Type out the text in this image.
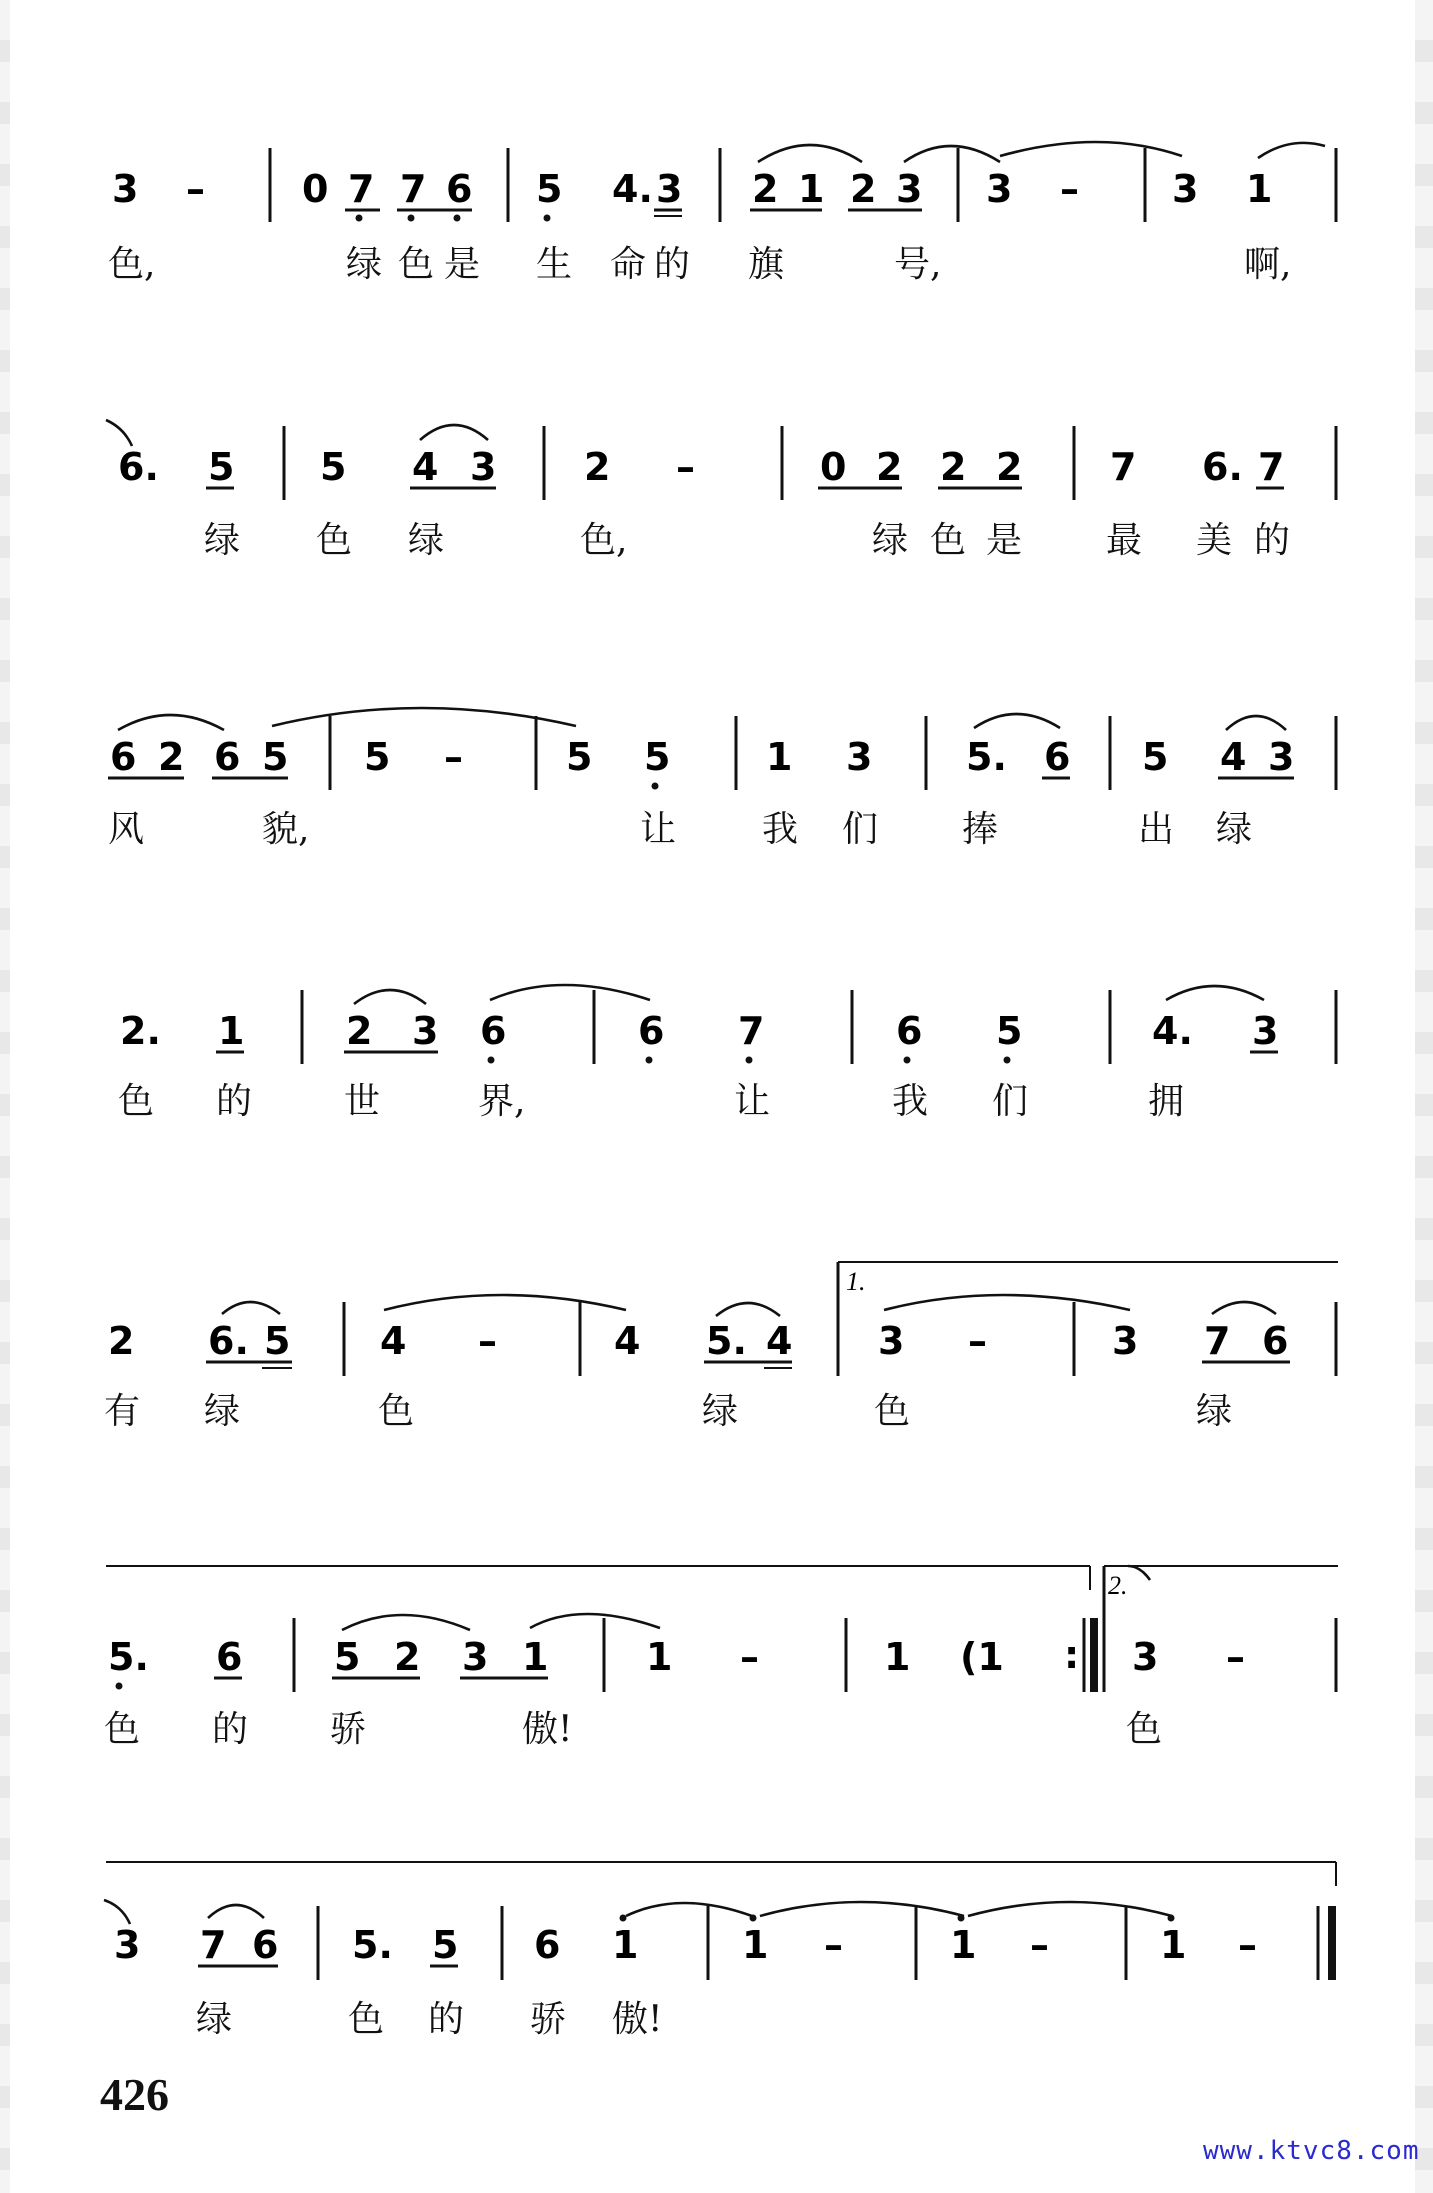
3 –	0 7 7 6 5 4. 3 2 1 2 3 3 – 3 1
6. 5 5 4 3 2 –	0 2 2 2 7 6. 7
6 2 6 5 5 –	5 5	1 3 5. 6 5 4 3
2. 1	2 3 6	6 7	6 5	4. 3
2 6. 5 4 –	4 5. 4
1.
3 –	3 7 6
5. 6 5 2 3 1	1 –	1 (1 :
2.
3 –
3 7 6 5. 5 6 1	1 –	1 –	1 –
色,	绿 色 是 生 命 的 旗	号,	啊,
绿 色 绿	色,	绿 色 是 最 美 的
风	貌,	让 我 们 捧	出 绿
色 的	世	界,	让	我 们	拥
有 绿	色	绿	色	绿
色 的 骄	傲!	色
绿	色 的 骄 傲!
426
www.ktvc8.com
